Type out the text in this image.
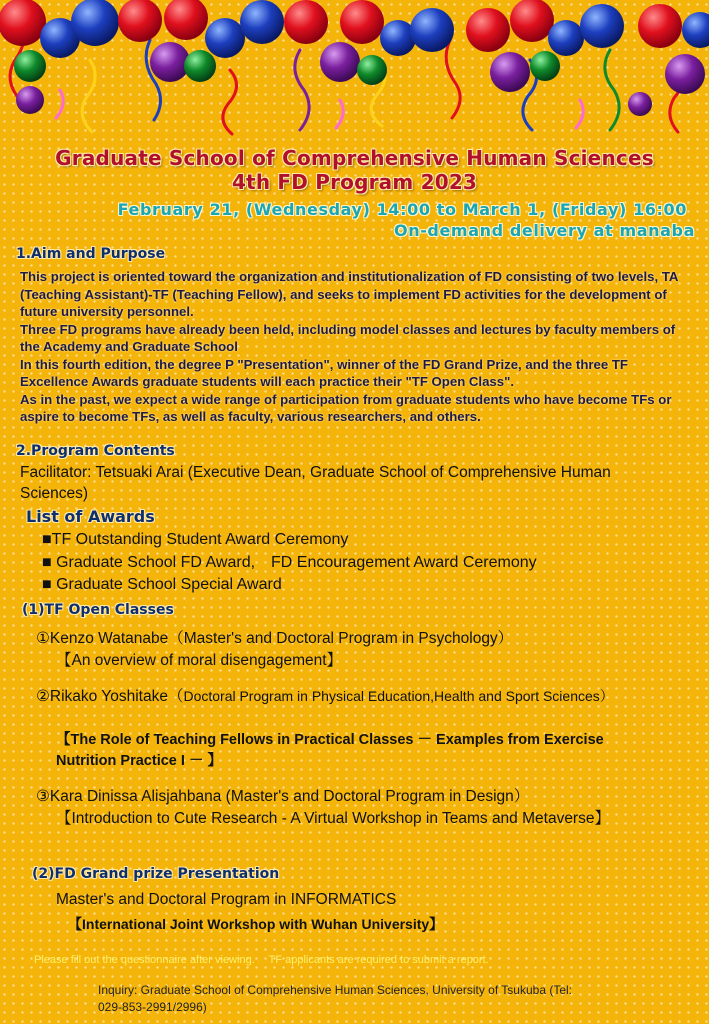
Graduate School of Comprehensive Human Sciences
4th FD Program 2023
February 21, (Wednesday) 14:00 to March 1, (Friday) 16:00
On-demand delivery at manaba
1.Aim and Purpose

This project is oriented toward the organization and institutionalization of FD consisting of two levels, TA (Teaching Assistant)-TF (Teaching Fellow), and seeks to implement FD activities for the development of future university personnel.

Three FD programs have already been held, including model classes and lectures by faculty members of the Academy and Graduate School

In this fourth edition, the degree P "Presentation", winner of the FD Grand Prize, and the three TF Excellence Awards graduate students will each practice their "TF Open Class".

As in the past, we expect a wide range of participation from graduate students who have become TFs or aspire to become TFs, as well as faculty, various researchers, and others.

2.Program Contents
Facilitator: Tetsuaki Arai (Executive Dean, Graduate School of Comprehensive Human Sciences)
List of Awards
■TF Outstanding Student Award Ceremony
■ Graduate School FD Award,　FD Encouragement Award Ceremony
■ Graduate School Special Award
(1)TF Open Classes
①Kenzo Watanabe（Master's and Doctoral Program in Psychology）
【An overview of moral disengagement】
②Rikako Yoshitake（Doctoral Program in Physical Education,Health and Sport Sciences）
【The Role of Teaching Fellows in Practical Classes － Examples from Exercise Nutrition Practice I － 】
③Kara Dinissa Alisjahbana (Master's and Doctoral Program in Design）
【Introduction to Cute Research - A Virtual Workshop in Teams and Metaverse】
(2)FD Grand prize Presentation
Master's and Doctoral Program in INFORMATICS
【International Joint Workshop with Wuhan University】
Please fill out the questionnaire after viewing.　 TF applicants are required to submit a report.
Inquiry: Graduate School of Comprehensive Human Sciences, University of Tsukuba (Tel: 029-853-2991/2996)
